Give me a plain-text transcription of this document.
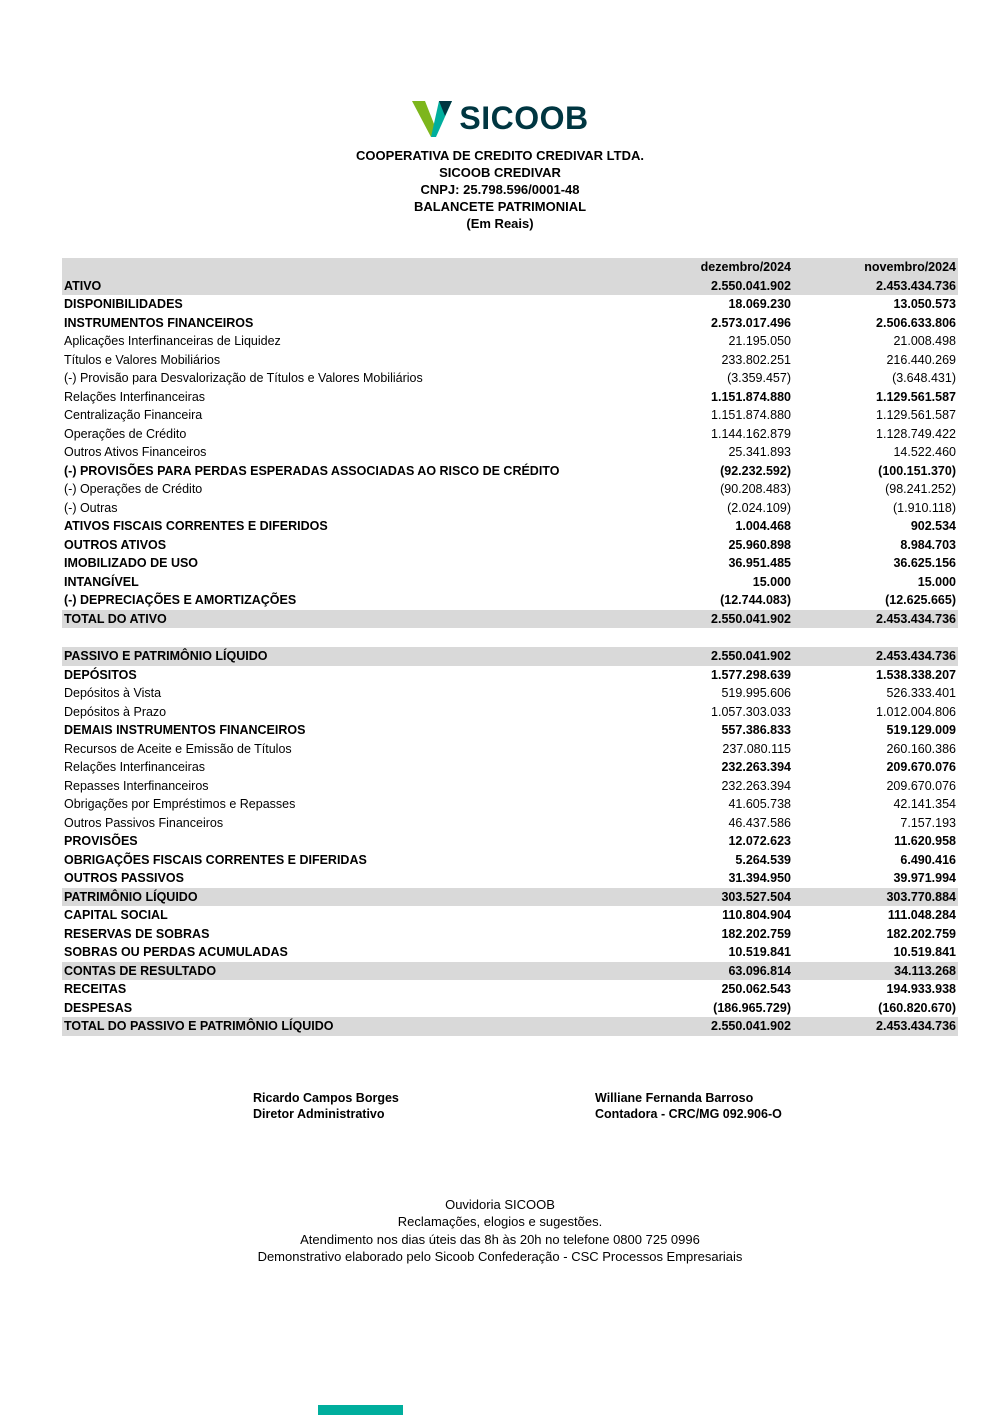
SICOOB
COOPERATIVA DE CREDITO CREDIVAR LTDA.
SICOOB CREDIVAR
CNPJ: 25.798.596/0001-48
BALANCETE PATRIMONIAL
(Em Reais)
	dezembro/2024	novembro/2024
ATIVO	2.550.041.902	2.453.434.736
DISPONIBILIDADES	18.069.230	13.050.573
INSTRUMENTOS FINANCEIROS	2.573.017.496	2.506.633.806
Aplicações Interfinanceiras de Liquidez	21.195.050	21.008.498
Títulos e Valores Mobiliários	233.802.251	216.440.269
(-) Provisão para Desvalorização de Títulos e Valores Mobiliários	(3.359.457)	(3.648.431)
Relações Interfinanceiras	1.151.874.880	1.129.561.587
Centralização Financeira	1.151.874.880	1.129.561.587
Operações de Crédito	1.144.162.879	1.128.749.422
Outros Ativos Financeiros	25.341.893	14.522.460
(-) PROVISÕES PARA PERDAS ESPERADAS ASSOCIADAS AO RISCO DE CRÉDITO	(92.232.592)	(100.151.370)
(-) Operações de Crédito	(90.208.483)	(98.241.252)
(-) Outras	(2.024.109)	(1.910.118)
ATIVOS FISCAIS CORRENTES E DIFERIDOS	1.004.468	902.534
OUTROS ATIVOS	25.960.898	8.984.703
IMOBILIZADO DE USO	36.951.485	36.625.156
INTANGÍVEL	15.000	15.000
(-) DEPRECIAÇÕES E AMORTIZAÇÕES	(12.744.083)	(12.625.665)
TOTAL DO ATIVO	2.550.041.902	2.453.434.736

PASSIVO E PATRIMÔNIO LÍQUIDO	2.550.041.902	2.453.434.736
DEPÓSITOS	1.577.298.639	1.538.338.207
Depósitos à Vista	519.995.606	526.333.401
Depósitos à Prazo	1.057.303.033	1.012.004.806
DEMAIS INSTRUMENTOS FINANCEIROS	557.386.833	519.129.009
Recursos de Aceite e Emissão de Títulos	237.080.115	260.160.386
Relações Interfinanceiras	232.263.394	209.670.076
Repasses Interfinanceiros	232.263.394	209.670.076
Obrigações por Empréstimos e Repasses	41.605.738	42.141.354
Outros Passivos Financeiros	46.437.586	7.157.193
PROVISÕES	12.072.623	11.620.958
OBRIGAÇÕES FISCAIS CORRENTES E DIFERIDAS	5.264.539	6.490.416
OUTROS PASSIVOS	31.394.950	39.971.994
PATRIMÔNIO LÍQUIDO	303.527.504	303.770.884
CAPITAL SOCIAL	110.804.904	111.048.284
RESERVAS DE SOBRAS	182.202.759	182.202.759
SOBRAS OU PERDAS ACUMULADAS	10.519.841	10.519.841
CONTAS DE RESULTADO	63.096.814	34.113.268
RECEITAS	250.062.543	194.933.938
DESPESAS	(186.965.729)	(160.820.670)
TOTAL DO PASSIVO E PATRIMÔNIO LÍQUIDO	2.550.041.902	2.453.434.736
Ricardo Campos Borges
Diretor Administrativo
Williane Fernanda Barroso
Contadora - CRC/MG 092.906-O
Ouvidoria SICOOB
Reclamações, elogios e sugestões.
Atendimento nos dias úteis das 8h às 20h no telefone 0800 725 0996
Demonstrativo elaborado pelo Sicoob Confederação - CSC Processos Empresariais
